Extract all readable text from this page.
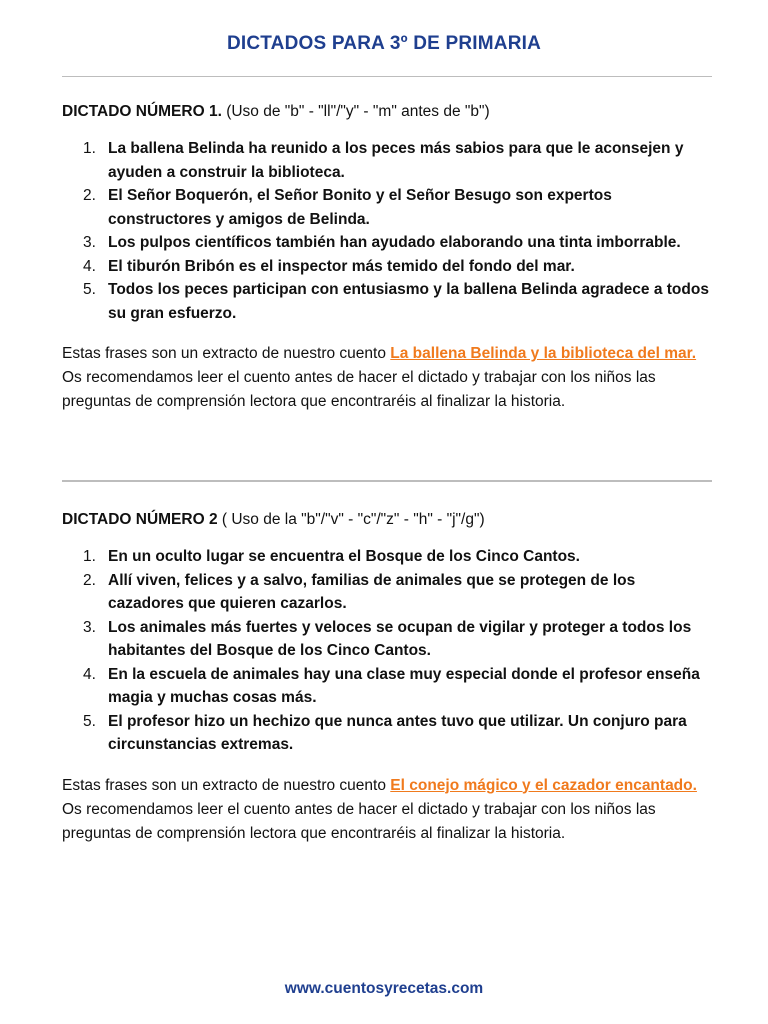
DICTADOS PARA 3º DE PRIMARIA

DICTADO NÚMERO 1. (Uso de "b" - "ll"/"y" - "m" antes de "b")

1. La ballena Belinda ha reunido a los peces más sabios para que le aconsejen y ayuden a construir la biblioteca.
2. El Señor Boquerón, el Señor Bonito y el Señor Besugo son expertos constructores y amigos de Belinda.
3. Los pulpos científicos también han ayudado elaborando una tinta imborrable.
4. El tiburón Bribón es el inspector más temido del fondo del mar.
5. Todos los peces participan con entusiasmo y la ballena Belinda agradece a todos su gran esfuerzo.

Estas frases son un extracto de nuestro cuento La ballena Belinda y la biblioteca del mar. Os recomendamos leer el cuento antes de hacer el dictado y trabajar con los niños las preguntas de comprensión lectora que encontraréis al finalizar la historia.

DICTADO NÚMERO 2 ( Uso de la "b"/"v" - "c"/"z" - "h" - "j"/g")

1. En un oculto lugar se encuentra el Bosque de los Cinco Cantos.
2. Allí viven, felices y a salvo, familias de animales que se protegen de los cazadores que quieren cazarlos.
3. Los animales más fuertes y veloces se ocupan de vigilar y proteger a todos los habitantes del Bosque de los Cinco Cantos.
4. En la escuela de animales hay una clase muy especial donde el profesor enseña magia y muchas cosas más.
5. El profesor hizo un hechizo que nunca antes tuvo que utilizar. Un conjuro para circunstancias extremas.

Estas frases son un extracto de nuestro cuento El conejo mágico y el cazador encantado. Os recomendamos leer el cuento antes de hacer el dictado y trabajar con los niños las preguntas de comprensión lectora que encontraréis al finalizar la historia.

www.cuentosyrecetas.com
